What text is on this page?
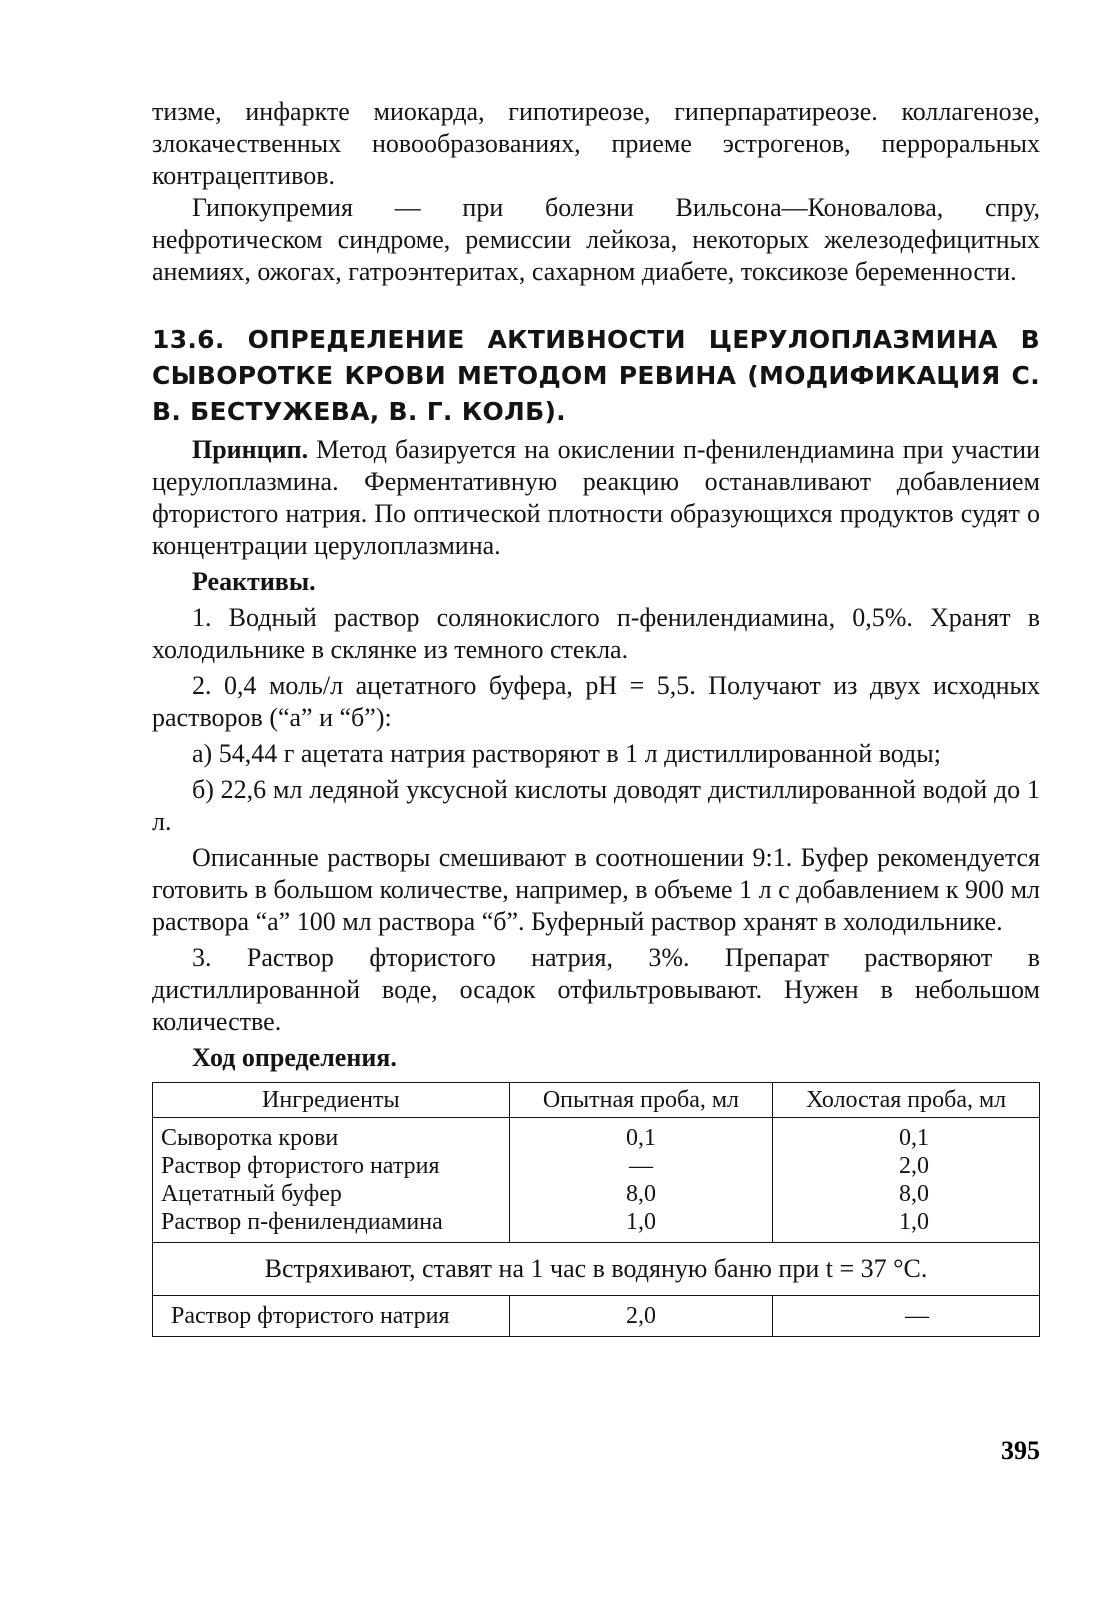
тизме, инфаркте миокарда, гипотиреозе, гиперпаратиреозе. коллагенозе, злокачественных новообразованиях, приеме эстрогенов, перроральных контрацептивов.

Гипокупремия — при болезни Вильсона—Коновалова, спру, нефротическом синдроме, ремиссии лейкоза, некоторых железодефицитных анемиях, ожогах, гатроэнтеритах, сахарном диабете, токсикозе беременности.

13.6. ОПРЕДЕЛЕНИЕ АКТИВНОСТИ ЦЕРУЛОПЛАЗМИНА В СЫВОРОТКЕ КРОВИ МЕТОДОМ РЕВИНА (МОДИФИКАЦИЯ С. В. БЕСТУЖЕВА, В. Г. КОЛБ).

Принцип. Метод базируется на окислении п-фенилендиамина при участии церулоплазмина. Ферментативную реакцию останавливают добавлением фтористого натрия. По оптической плотности образующихся продуктов судят о концентрации церулоплазмина.

Реактивы.

1. Водный раствор солянокислого п-фенилендиамина, 0,5%. Хранят в холодильнике в склянке из темного стекла.

2. 0,4 моль/л ацетатного буфера, pH = 5,5. Получают из двух исходных растворов (“а” и “б”):

а) 54,44 г ацетата натрия растворяют в 1 л дистиллированной воды;

б) 22,6 мл ледяной уксусной кислоты доводят дистиллированной водой до 1 л.

Описанные растворы смешивают в соотношении 9:1. Буфер рекомендуется готовить в большом количестве, например, в объеме 1 л с добавлением к 900 мл раствора “а” 100 мл раствора “б”. Буферный раствор хранят в холодильнике.

3. Раствор фтористого натрия, 3%. Препарат растворяют в дистиллированной воде, осадок отфильтровывают. Нужен в небольшом количестве.

Ход определения.

Ингредиенты	Опытная проба, мл	Холостая проба, мл
Сыворотка крови	0,1	0,1
Раствор фтористого натрия	—	2,0
Ацетатный буфер	8,0	8,0
Раствор п-фенилендиамина	1,0	1,0
Встряхивают, ставят на 1 час в водяную баню при t = 37 °С.		
Раствор фтористого натрия	2,0	—
395
